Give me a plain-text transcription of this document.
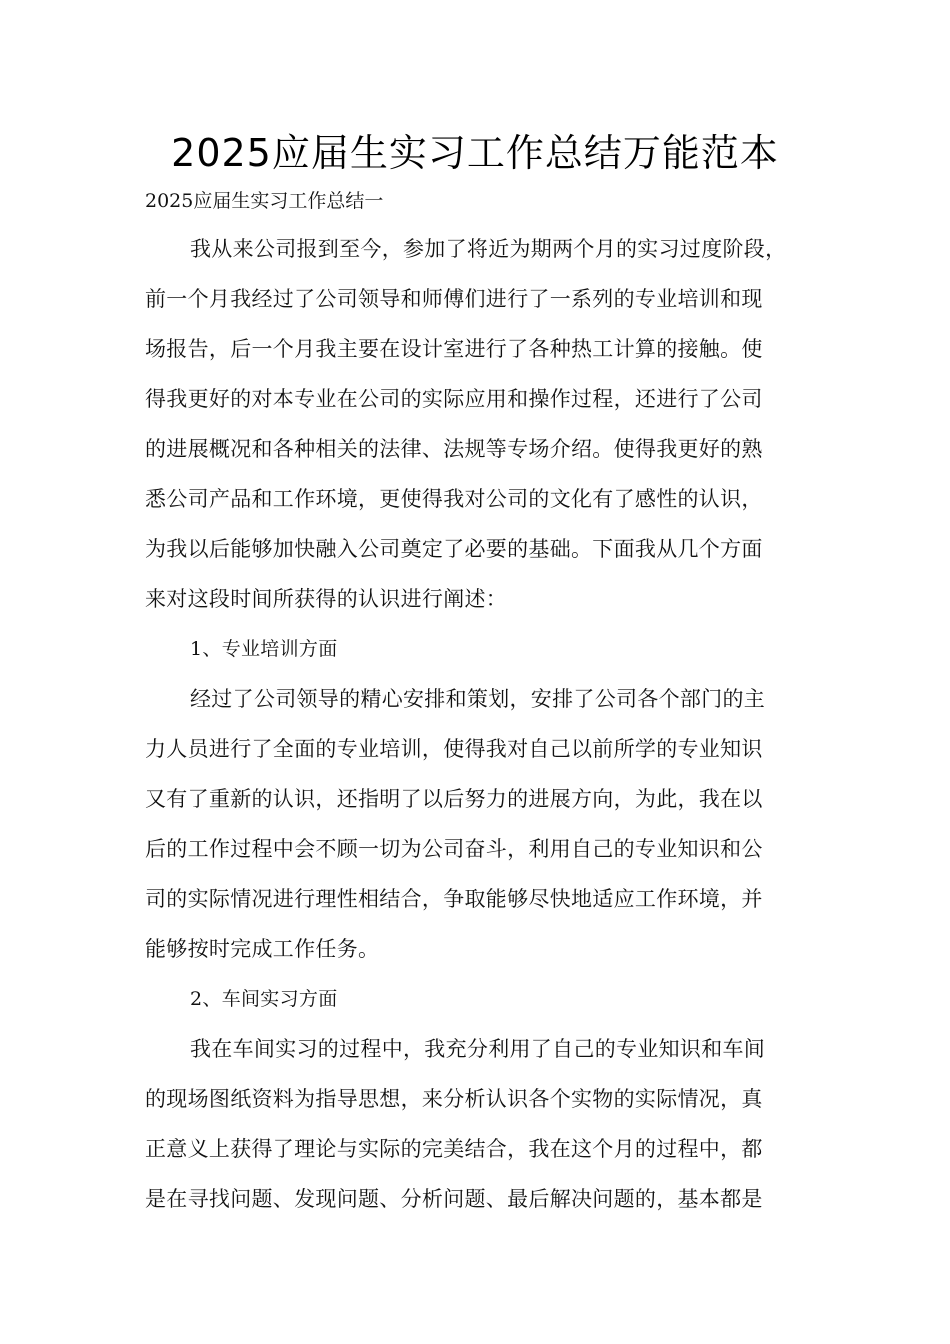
2025应届生实习工作总结万能范本

2025应届生实习工作总结一

我从来公司报到至今，参加了将近为期两个月的实习过度阶段，

前一个月我经过了公司领导和师傅们进行了一系列的专业培训和现

场报告，后一个月我主要在设计室进行了各种热工计算的接触。使

得我更好的对本专业在公司的实际应用和操作过程，还进行了公司

的进展概况和各种相关的法律、法规等专场介绍。使得我更好的熟

悉公司产品和工作环境，更使得我对公司的文化有了感性的认识，

为我以后能够加快融入公司奠定了必要的基础。下面我从几个方面

来对这段时间所获得的认识进行阐述：

1、专业培训方面

经过了公司领导的精心安排和策划，安排了公司各个部门的主

力人员进行了全面的专业培训，使得我对自己以前所学的专业知识

又有了重新的认识，还指明了以后努力的进展方向，为此，我在以

后的工作过程中会不顾一切为公司奋斗，利用自己的专业知识和公

司的实际情况进行理性相结合，争取能够尽快地适应工作环境，并

能够按时完成工作任务。

2、车间实习方面

我在车间实习的过程中，我充分利用了自己的专业知识和车间

的现场图纸资料为指导思想，来分析认识各个实物的实际情况，真

正意义上获得了理论与实际的完美结合，我在这个月的过程中，都

是在寻找问题、发现问题、分析问题、最后解决问题的，基本都是
